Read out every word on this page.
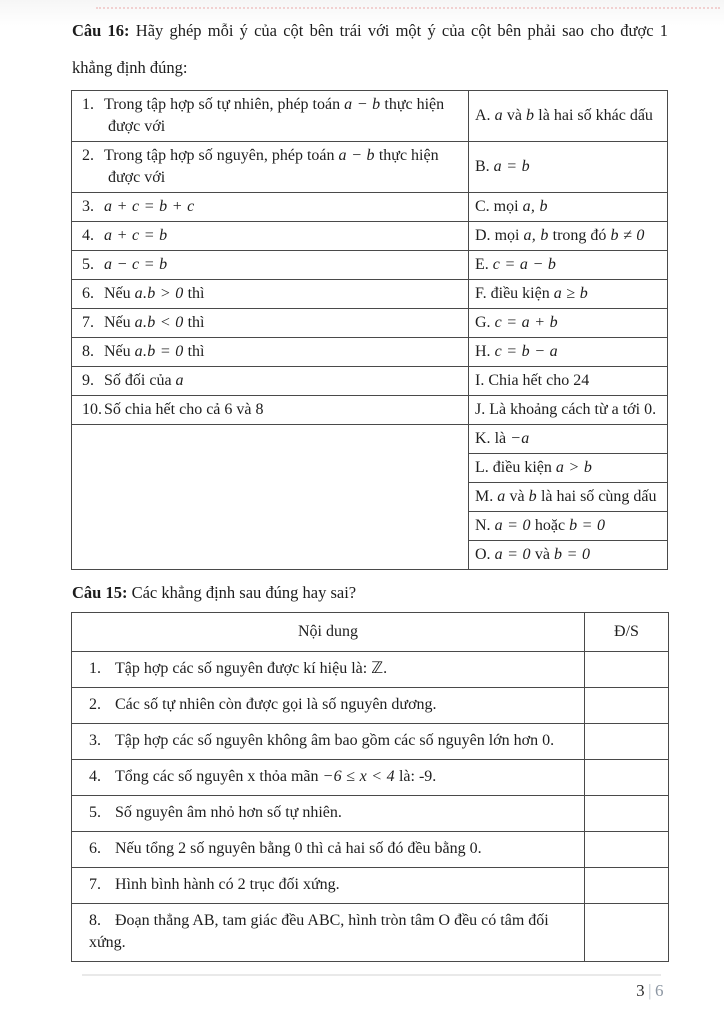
Câu 16: Hãy ghép mỗi ý của cột bên trái với một ý của cột bên phải sao cho được 1 khẳng định đúng:

1. Trong tập hợp số tự nhiên, phép toán a − b thực hiện được với	A. a và b là hai số khác dấu

2. Trong tập hợp số nguyên, phép toán a − b thực hiện được với	B. a = b

3. a + c = b + c	C. mọi a, b

4. a + c = b	D. mọi a, b trong đó b ≠ 0

5. a − c = b	E. c = a − b

6. Nếu a.b > 0 thì	F. điều kiện a ≥ b

7. Nếu a.b < 0 thì	G. c = a + b

8. Nếu a.b = 0 thì	H. c = b − a

9. Số đối của a	I. Chia hết cho 24

10. Số chia hết cho cả 6 và 8	J. Là khoảng cách từ a tới 0.
	K. là −a
	L. điều kiện a > b
	M. a và b là hai số cùng dấu
	N. a = 0 hoặc b = 0
	O. a = 0 và b = 0

Câu 15: Các khẳng định sau đúng hay sai?

Nội dung	Đ/S
1. Tập hợp các số nguyên được kí hiệu là: ℤ.	
2. Các số tự nhiên còn được gọi là số nguyên dương.	
3. Tập hợp các số nguyên không âm bao gồm các số nguyên lớn hơn 0.	
4. Tổng các số nguyên x thỏa mãn −6 ≤ x < 4 là: -9.	
5. Số nguyên âm nhỏ hơn số tự nhiên.	
6. Nếu tổng 2 số nguyên bằng 0 thì cả hai số đó đều bằng 0.	
7. Hình bình hành có 2 trục đối xứng.	
8. Đoạn thẳng AB, tam giác đều ABC, hình tròn tâm O đều có tâm đối xứng.	
3 | 6
